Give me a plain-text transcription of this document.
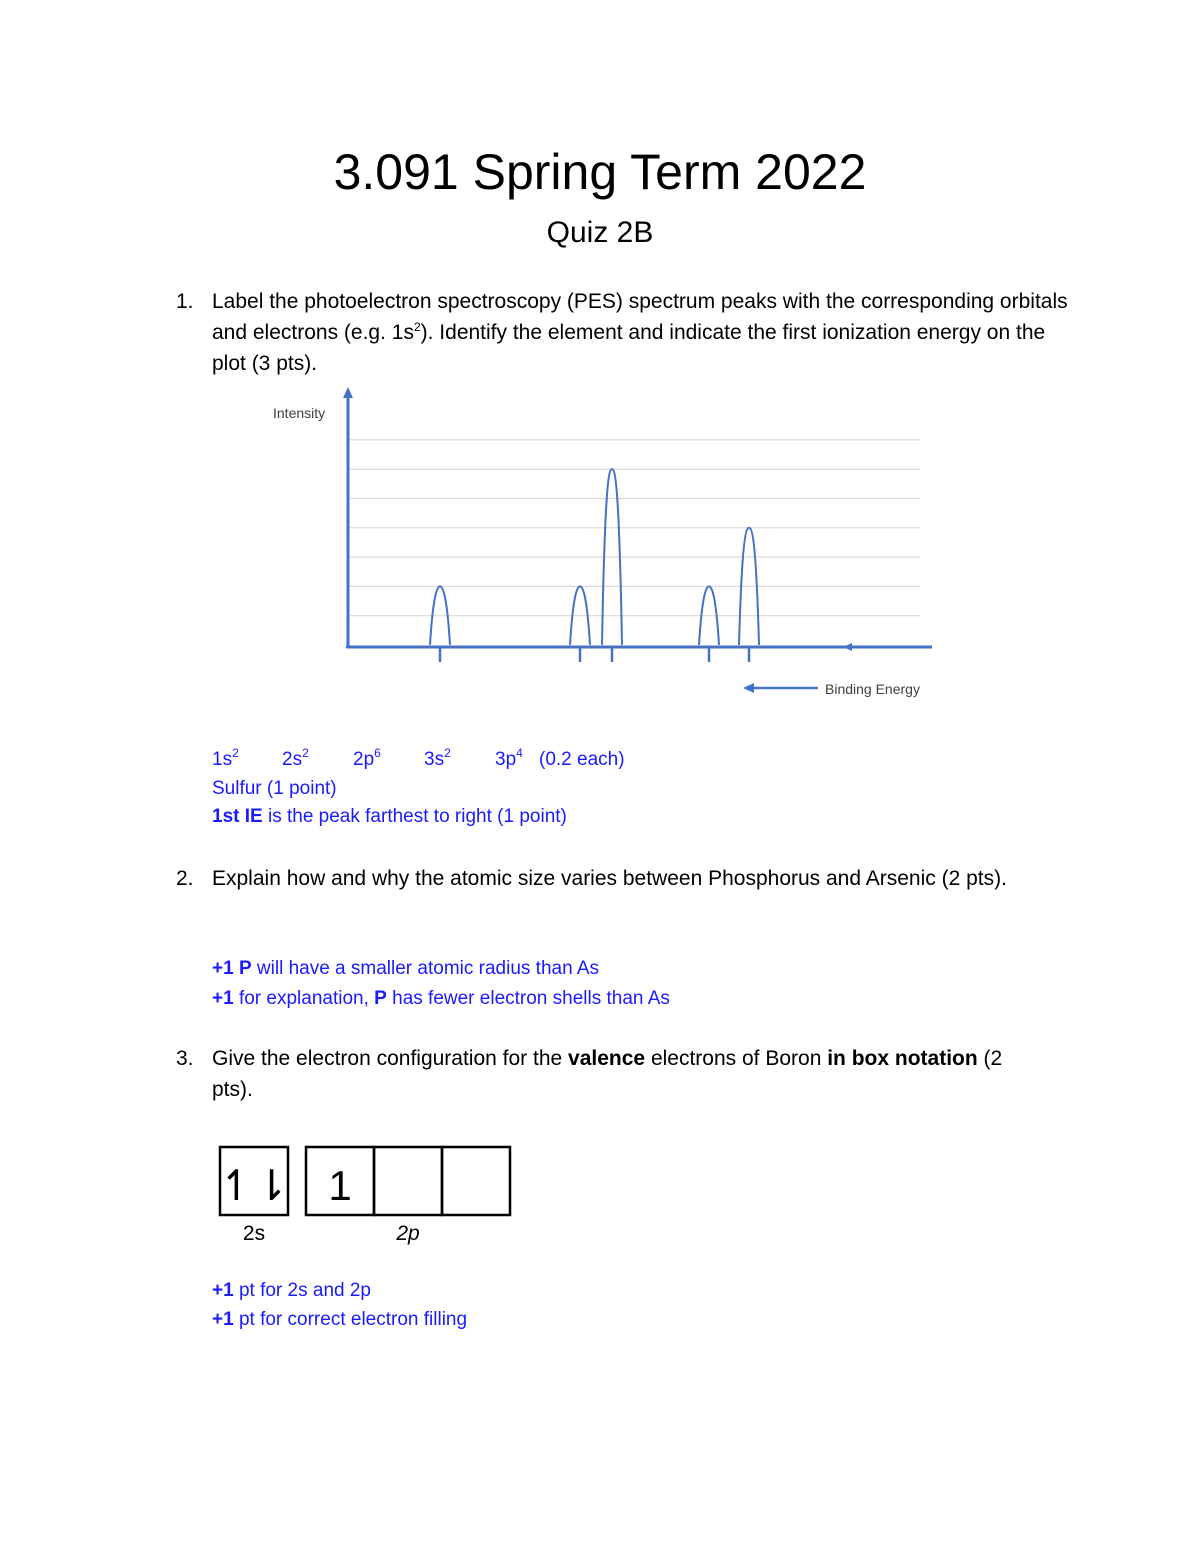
3.091 Spring Term 2022
Quiz 2B
1. Label the photoelectron spectroscopy (PES) spectrum peaks with the corresponding orbitals and electrons (e.g. $1s^2$). Identify the element and indicate the first ionization energy on the plot (3 pts).
Intensity
Binding Energy
$1s^2$ $2s^2$ $2p^6$ $3s^2$ $3p^4$ (0.2 each)
Sulfur (1 point)
1st IE is the peak farthest to right (1 point)
2. Explain how and why the atomic size varies between Phosphorus and Arsenic (2 pts).
+1 P will have a smaller atomic radius than As
+1 for explanation, P has fewer electron shells than As
3. Give the electron configuration for the valence electrons of Boron in box notation (2 pts).
↿⇂ 1
2s	2p
+1 pt for 2s and 2p
+1 pt for correct electron filling
